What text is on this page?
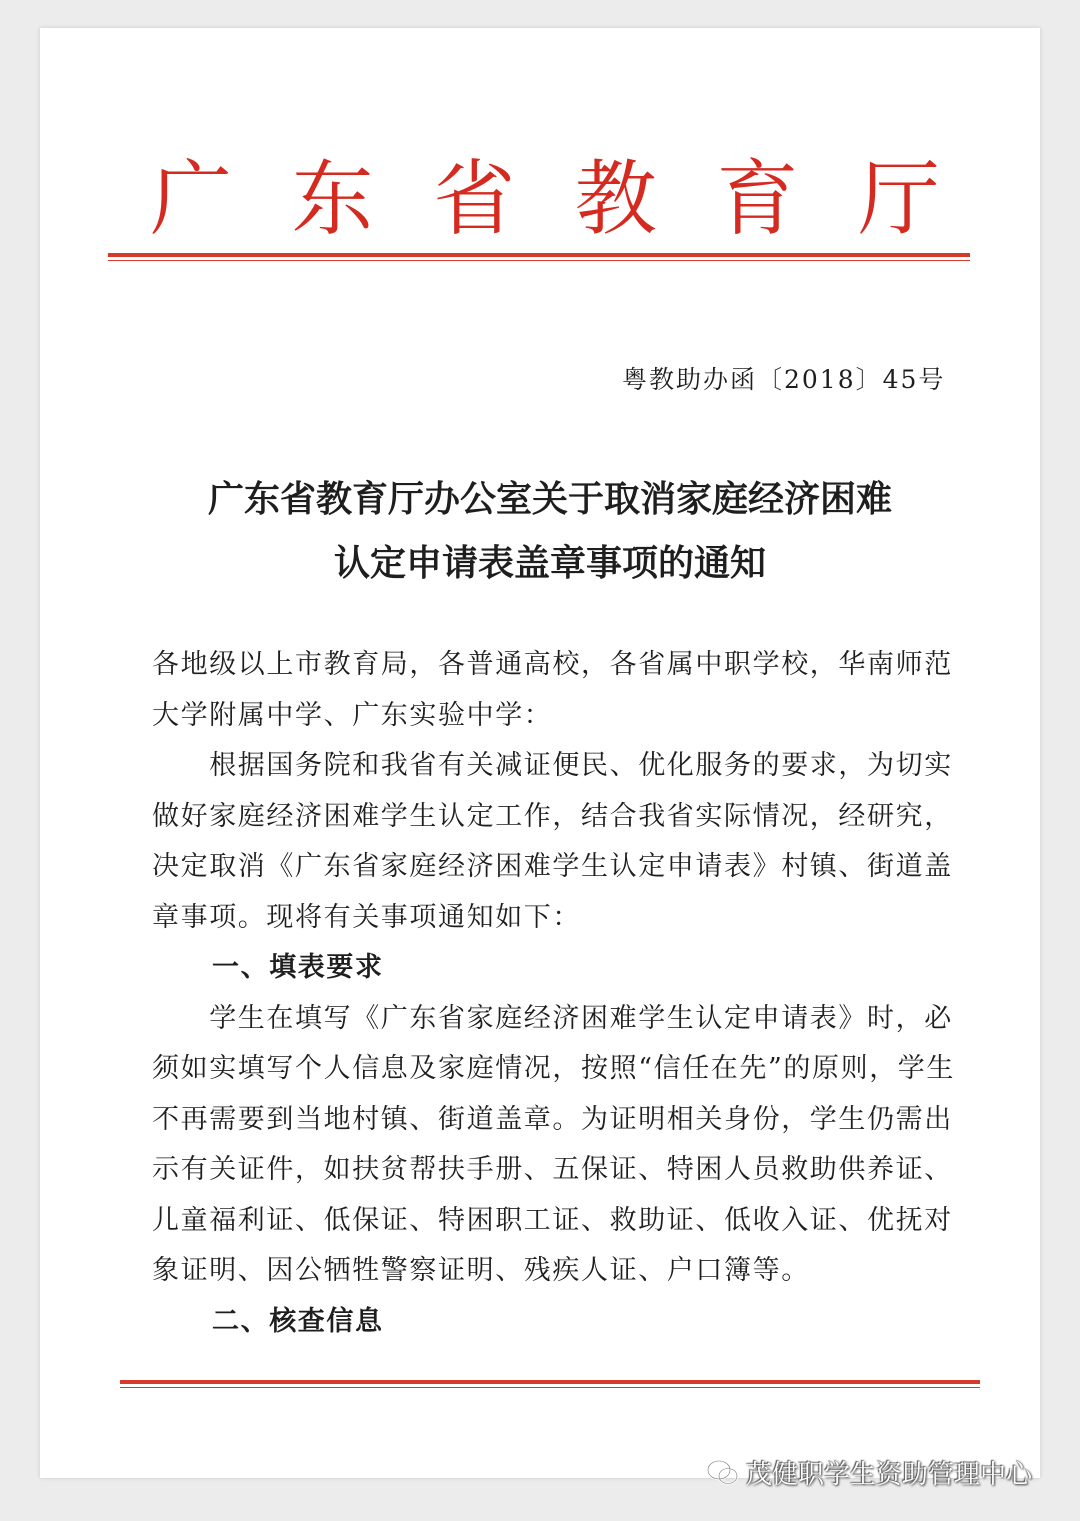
广 东 省 教 育 厅
粤教助办函〔2018〕45号
广东省教育厅办公室关于取消家庭经济困难
认定申请表盖章事项的通知

各地级以上市教育局，各普通高校，各省属中职学校，华南师范

大学附属中学、广东实验中学：

　　根据国务院和我省有关减证便民、优化服务的要求，为切实

做好家庭经济困难学生认定工作，结合我省实际情况，经研究，

决定取消《广东省家庭经济困难学生认定申请表》村镇、街道盖

章事项。现将有关事项通知如下：

一、填表要求

　　学生在填写《广东省家庭经济困难学生认定申请表》时，必

须如实填写个人信息及家庭情况，按照“信任在先”的原则，学生

不再需要到当地村镇、街道盖章。为证明相关身份，学生仍需出

示有关证件，如扶贫帮扶手册、五保证、特困人员救助供养证、

儿童福利证、低保证、特困职工证、救助证、低收入证、优抚对

象证明、因公牺牲警察证明、残疾人证、户口簿等。

二、核查信息

茂健职学生资助管理中心
